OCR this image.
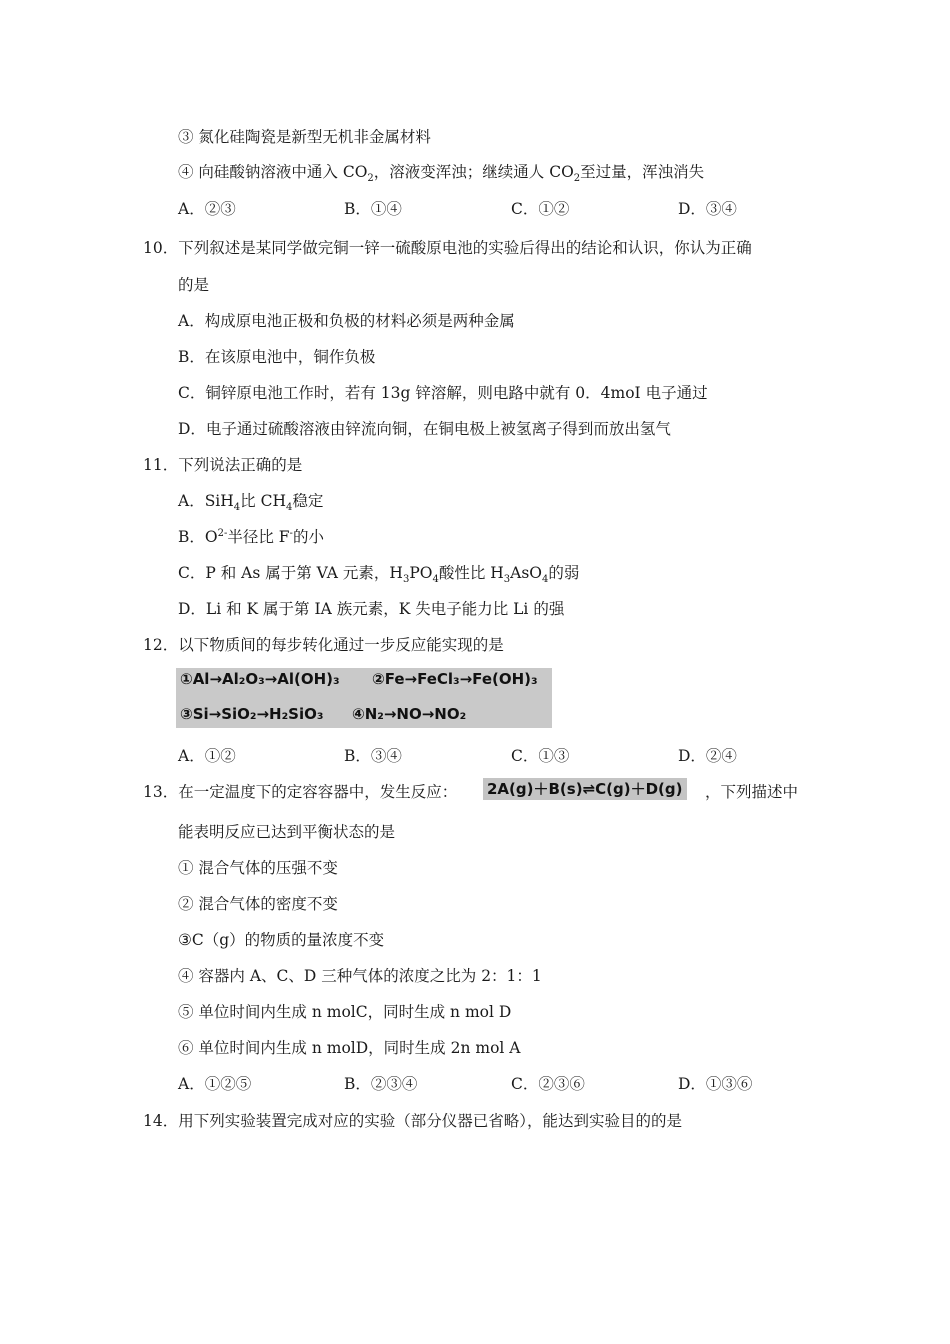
③ 氮化硅陶瓷是新型无机非金属材料
④ 向硅酸钠溶液中通入 $CO_2$，溶液变浑浊；继续通人 $CO_2$至过量，浑浊消失
A．②③	B．①④	C．①②	D．③④
10．下列叙述是某同学做完铜一锌一硫酸原电池的实验后得出的结论和认识，你认为正确
的是
A．构成原电池正极和负极的材料必须是两种金属
B．在该原电池中，铜作负极
C．铜锌原电池工作时，若有 13g 锌溶解，则电路中就有 0．4moI 电子通过
D．电子通过硫酸溶液由锌流向铜，在铜电极上被氢离子得到而放出氢气
11．下列说法正确的是
A．SiH$_4$比 $CH_4$稳定
B．$O^{2-}$半径比 F-的小
C．P 和 As 属于第 VA 元素，$H_3PO_4$酸性比 $H_3AsO_4$的弱
D．Li 和 K 属于第 IA 族元素，K 失电子能力比 Li 的强
12．以下物质间的每步转化通过一步反应能实现的是
①Al→Al₂O₃→Al(OH)₃ ②Fe→FeCl₃→Fe(OH)₃
③Si→SiO₂→H₂SiO₃ ④N₂→NO→NO₂
A．①②	B．③④	C．①③	D．②④
13．在一定温度下的定容容器中，发生反应： 2A(g)＋B(s)⇌C(g)＋D(g) ，下列描述中
能表明反应已达到平衡状态的是
① 混合气体的压强不变
② 混合气体的密度不变
③C（g）的物质的量浓度不变
④ 容器内 A、C、D 三种气体的浓度之比为 2：1：1
⑤ 单位时间内生成 n molC，同时生成 n mol D
⑥ 单位时间内生成 n molD，同时生成 2n mol A
A．①②⑤	B．②③④	C．②③⑥	D．①③⑥
14．用下列实验装置完成对应的实验（部分仪器已省略），能达到实验目的的是
